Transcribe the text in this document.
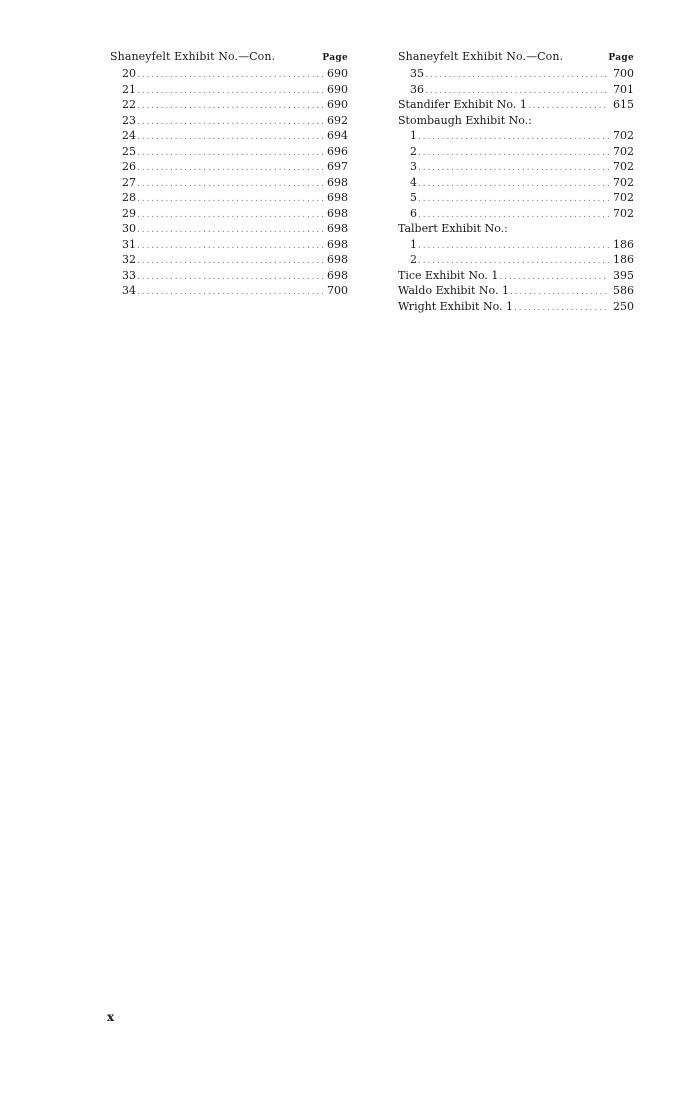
Shaneyfelt Exhibit No.—Con.	Page
20 . . .	690
21 . . .	690
22 . . .	690
23 . . .	692
24 . . .	694
25 . . .	696
26 . . .	697
27 . . .	698
28 . . .	698
29 . . .	698
30 . . .	698
31 . . .	698
32 . . .	698
33 . . .	698
34 . . .	700
Shaneyfelt Exhibit No.—Con.	Page
35 . . .	700
36 . . .	701
Standifer Exhibit No. 1 . . .	615
Stombaugh Exhibit No.:
1 . . .	702
2 . . .	702
3 . . .	702
4 . . .	702
5 . . .	702
6 . . .	702
Talbert Exhibit No.:
1 . . .	186
2 . . .	186
Tice Exhibit No. 1 . . .	395
Waldo Exhibit No. 1 . . .	586
Wright Exhibit No. 1 . . .	250
x
